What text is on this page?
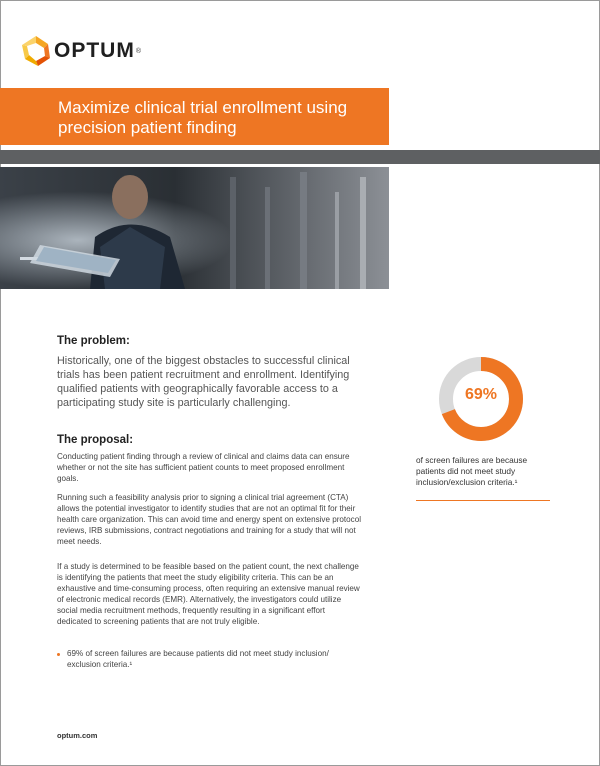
OPTUM ®
Maximize clinical trial enrollment using precision patient finding
The problem:

Historically, one of the biggest obstacles to successful clinical trials has been patient recruitment and enrollment. Identifying qualified patients with geographically favorable access to a participating study site is particularly challenging.

The proposal:

Conducting patient finding through a review of clinical and claims data can ensure whether or not the site has sufficient patient counts to meet proposed enrollment goals.

Running such a feasibility analysis prior to signing a clinical trial agreement (CTA) allows the potential investigator to identify studies that are not an optimal fit for their health care organization. This can avoid time and energy spent on extensive protocol reviews, IRB submissions, contract negotiations and training for a study that will not meet needs.

If a study is determined to be feasible based on the patient count, the next challenge is identifying the patients that meet the study eligibility criteria. This can be an exhaustive and time-consuming process, often requiring an extensive manual review of electronic medical records (EMR). Alternatively, the investigators could utilize social media recruitment methods, frequently resulting in a significant effort dedicated to screening patients that are not truly eligible.

69% of screen failures are because patients did not meet study inclusion/ exclusion criteria.¹
69%

of screen failures are because patients did not meet study inclusion/exclusion criteria.¹

optum.com
